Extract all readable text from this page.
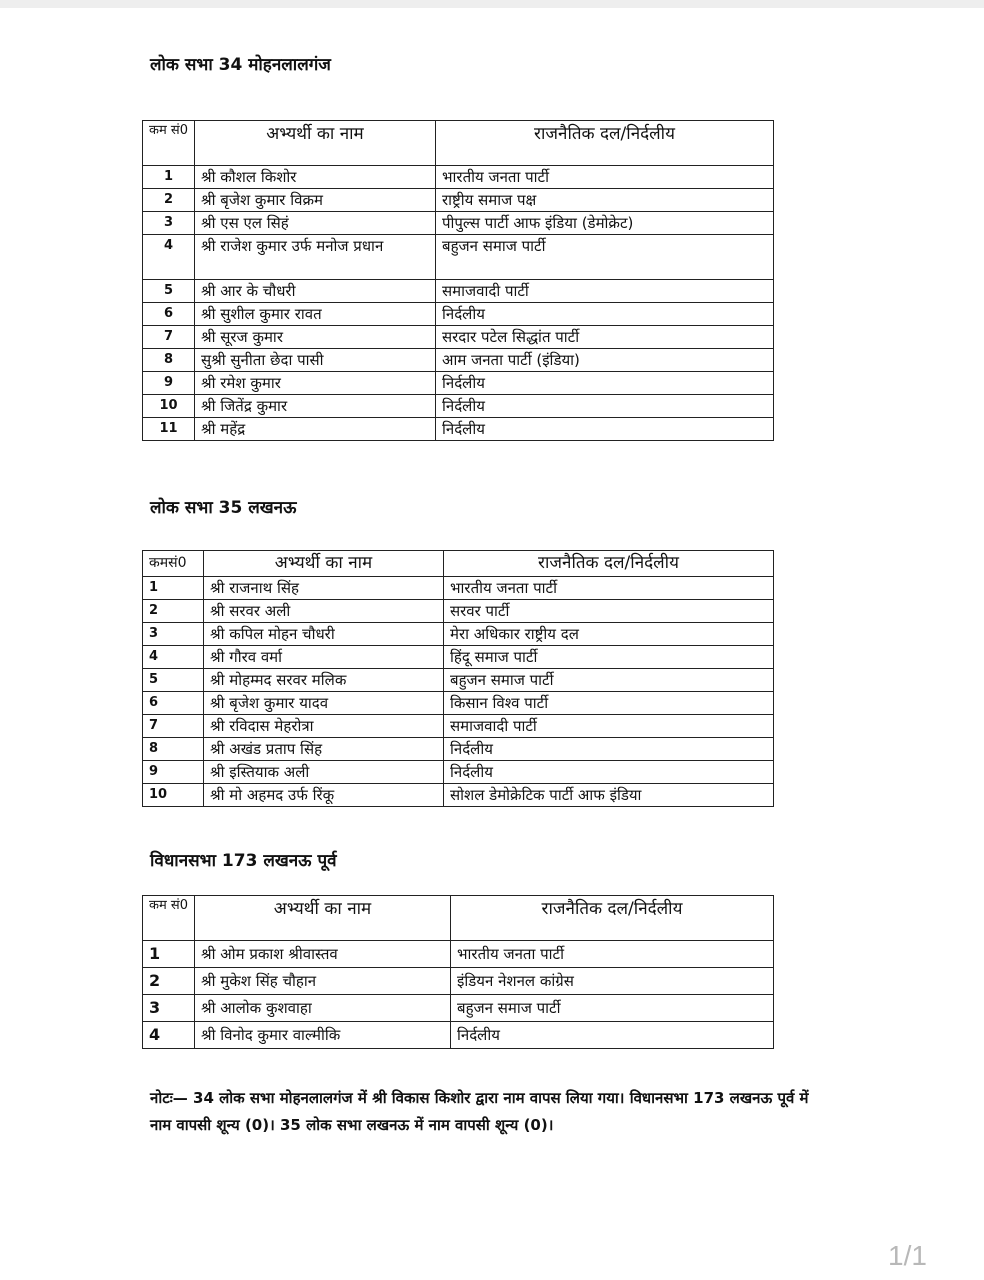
लोक सभा 34 मोहनलालगंज
कम सं0	अभ्यर्थी का नाम	राजनैतिक दल/निर्दलीय
1	श्री कौशल किशोर	भारतीय जनता पार्टी
2	श्री बृजेश कुमार विक्रम	राष्ट्रीय समाज पक्ष
3	श्री एस एल सिहं	पीपुल्स पार्टी आफ इंडिया (डेमोक्रेट)
4	श्री राजेश कुमार उर्फ मनोज प्रधान	बहुजन समाज पार्टी
5	श्री आर के चौधरी	समाजवादी पार्टी
6	श्री सुशील कुमार रावत	निर्दलीय
7	श्री सूरज कुमार	सरदार पटेल सिद्धांत पार्टी
8	सुश्री सुनीता छेदा पासी	आम जनता पार्टी (इंडिया)
9	श्री रमेश कुमार	निर्दलीय
10	श्री जितेंद्र कुमार	निर्दलीय
11	श्री महेंद्र	निर्दलीय
लोक सभा 35 लखनऊ
कमसं0	अभ्यर्थी का नाम	राजनैतिक दल/निर्दलीय
1	श्री राजनाथ सिंह	भारतीय जनता पार्टी
2	श्री सरवर अली	सरवर पार्टी
3	श्री कपिल मोहन चौधरी	मेरा अधिकार राष्ट्रीय दल
4	श्री गौरव वर्मा	हिंदू समाज पार्टी
5	श्री मोहम्मद सरवर मलिक	बहुजन समाज पार्टी
6	श्री बृजेश कुमार यादव	किसान विश्व पार्टी
7	श्री रविदास मेहरोत्रा	समाजवादी पार्टी
8	श्री अखंड प्रताप सिंह	निर्दलीय
9	श्री इस्तियाक अली	निर्दलीय
10	श्री मो अहमद उर्फ रिंकू	सोशल डेमोक्रेटिक पार्टी आफ इंडिया
विधानसभा 173 लखनऊ पूर्व
कम सं0	अभ्यर्थी का नाम	राजनैतिक दल/निर्दलीय
1	श्री ओम प्रकाश श्रीवास्तव	भारतीय जनता पार्टी
2	श्री मुकेश सिंह चौहान	इंडियन नेशनल कांग्रेस
3	श्री आलोक कुशवाहा	बहुजन समाज पार्टी
4	श्री विनोद कुमार वाल्मीकि	निर्दलीय
नोटः— 34 लोक सभा मोहनलालगंज में श्री विकास किशोर द्वारा नाम वापस लिया गया। विधानसभा 173 लखनऊ पूर्व में नाम वापसी शून्य (0)। 35 लोक सभा लखनऊ में नाम वापसी शून्य (0)।
1/1
